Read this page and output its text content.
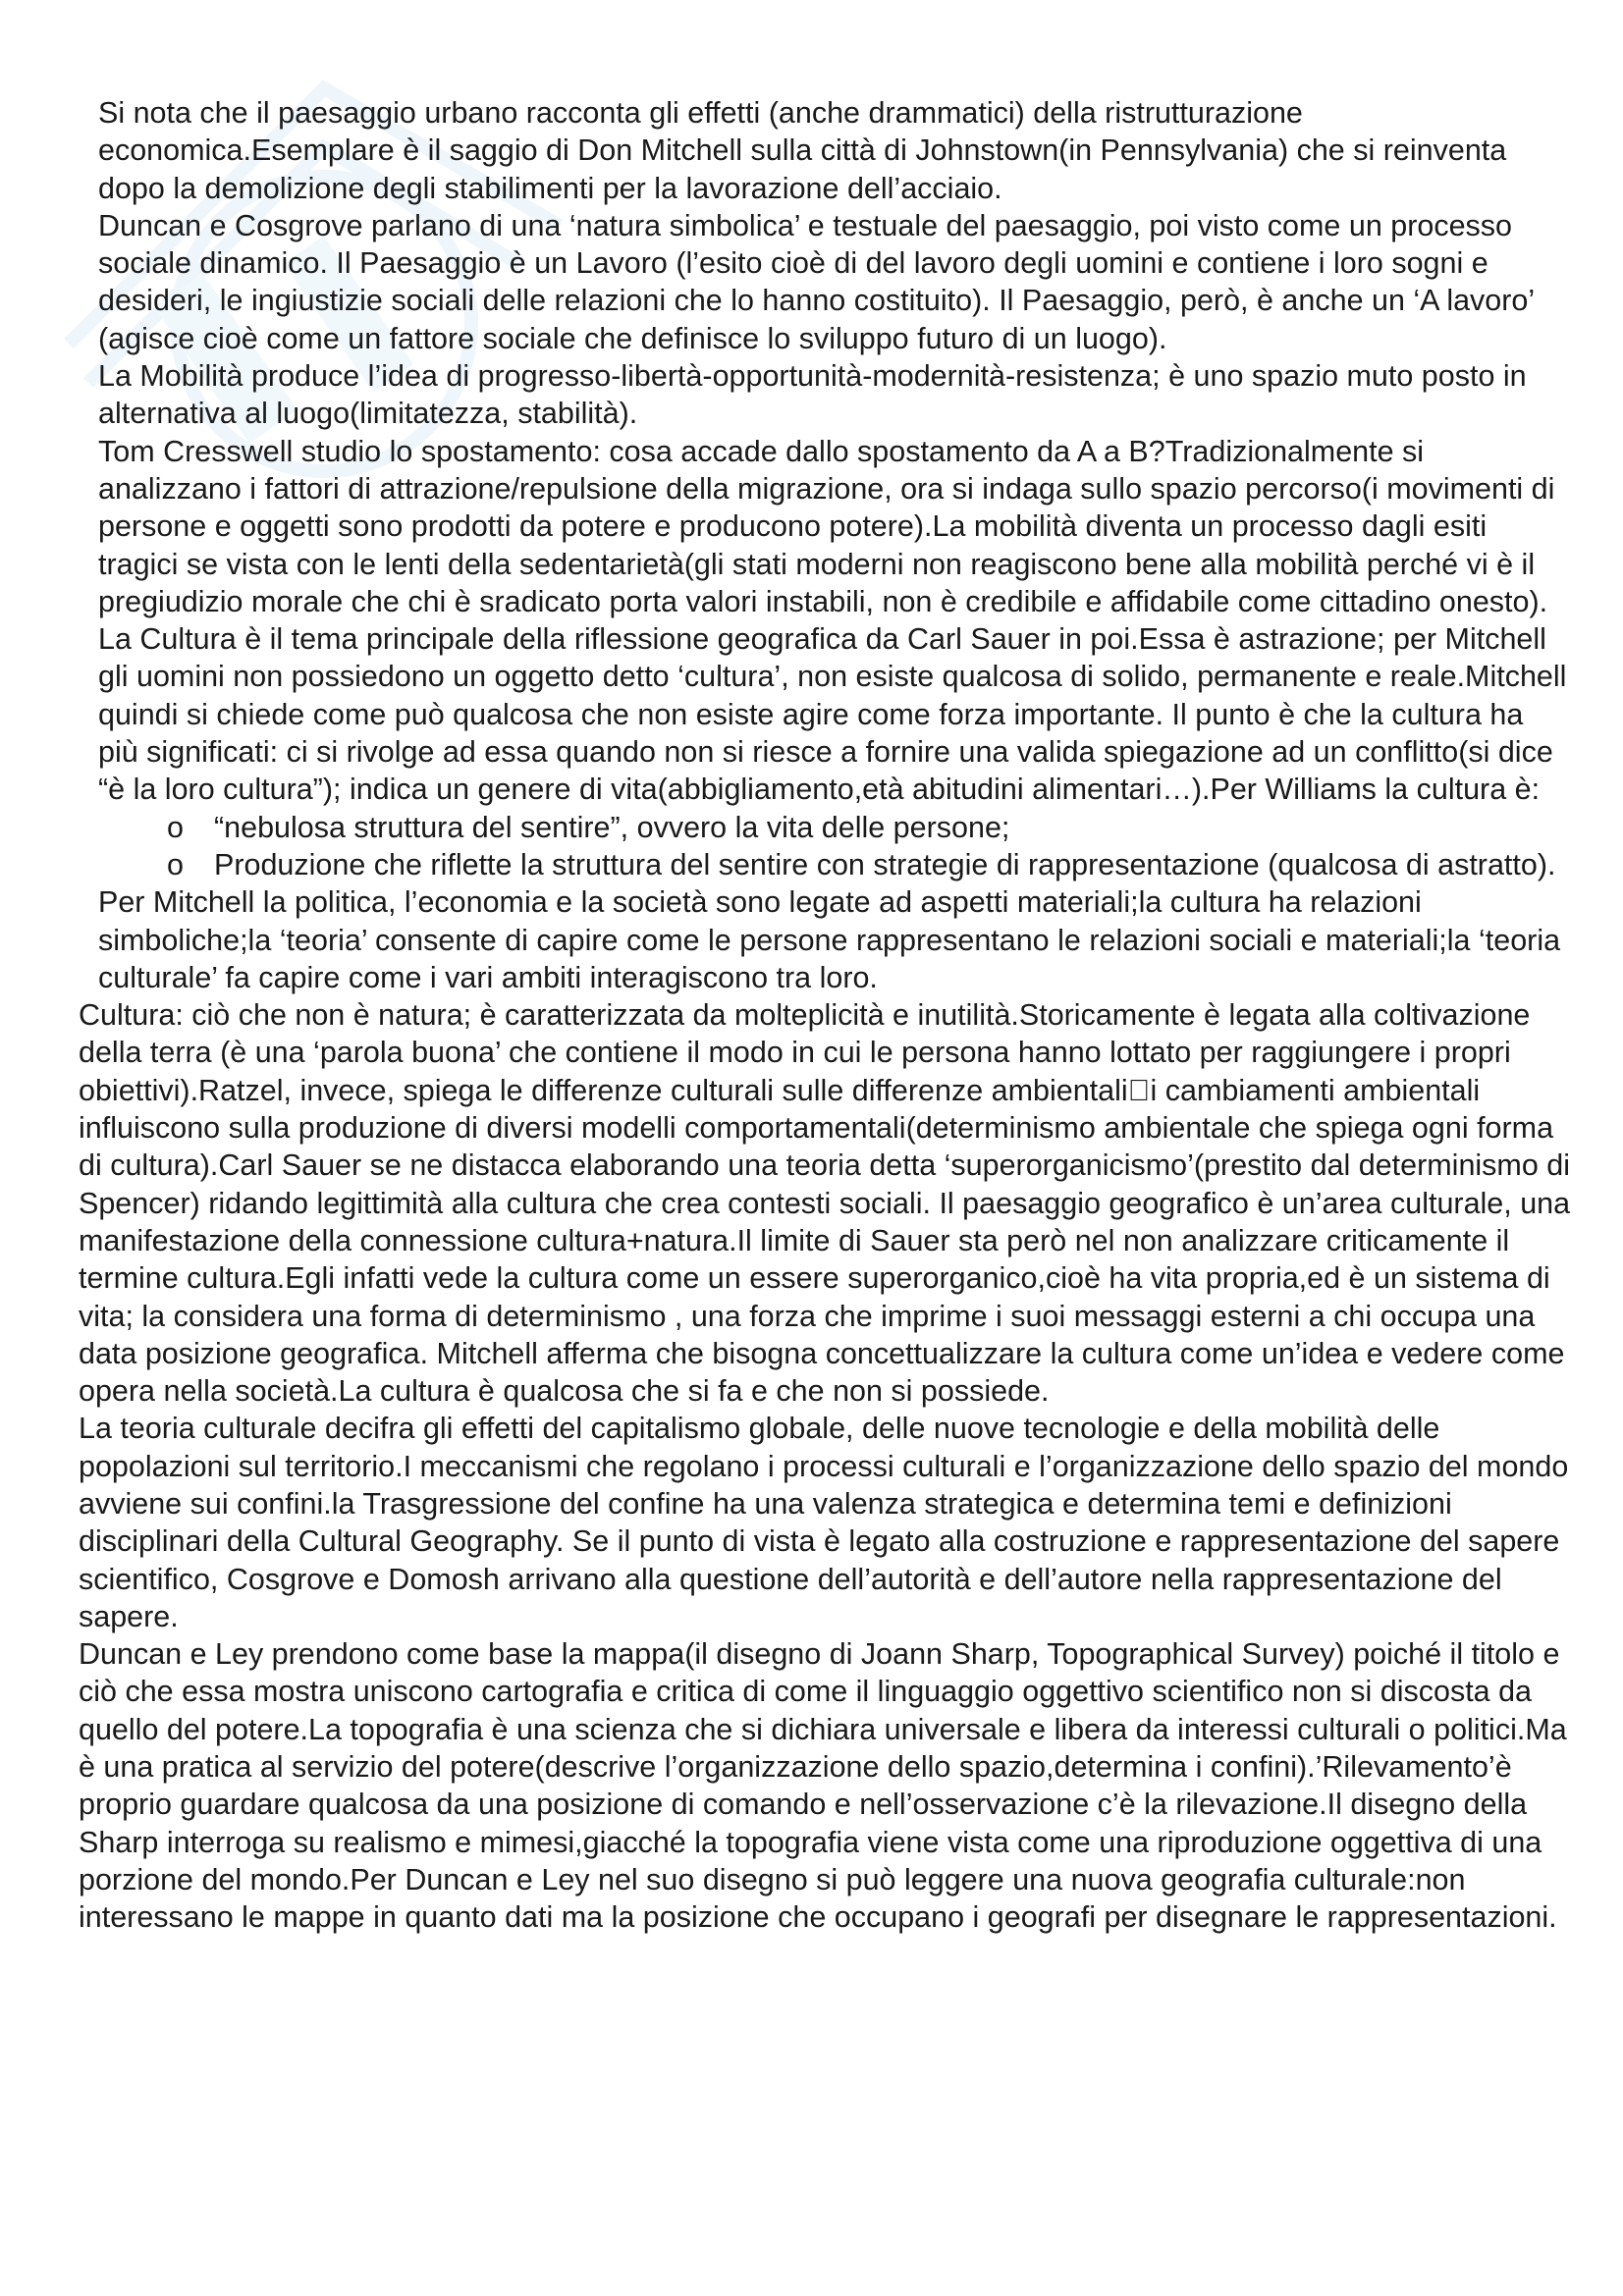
Si nota che il paesaggio urbano racconta gli effetti (anche drammatici) della ristrutturazione economica.Esemplare è il saggio di Don Mitchell sulla città di Johnstown(in Pennsylvania) che si reinventa dopo la demolizione degli stabilimenti per la lavorazione dell’acciaio.

Duncan e Cosgrove parlano di una ‘natura simbolica’ e testuale del paesaggio, poi visto come un processo sociale dinamico. Il Paesaggio è un Lavoro (l’esito cioè di del lavoro degli uomini e contiene i loro sogni e desideri, le ingiustizie sociali delle relazioni che lo hanno costituito). Il Paesaggio, però, è anche un ‘A lavoro’ (agisce cioè come un fattore sociale che definisce lo sviluppo futuro di un luogo).

La Mobilità produce l’idea di progresso-libertà-opportunità-modernità-resistenza; è uno spazio muto posto in alternativa al luogo(limitatezza, stabilità).

Tom Cresswell studio lo spostamento: cosa accade dallo spostamento da A a B?Tradizionalmente si analizzano i fattori di attrazione/repulsione della migrazione, ora si indaga sullo spazio percorso(i movimenti di persone e oggetti sono prodotti da potere e producono potere).La mobilità diventa un processo dagli esiti tragici se vista con le lenti della sedentarietà(gli stati moderni non reagiscono bene alla mobilità perché vi è il pregiudizio morale che chi è sradicato porta valori instabili, non è credibile e affidabile come cittadino onesto).

La Cultura è il tema principale della riflessione geografica da Carl Sauer in poi.Essa è astrazione; per Mitchell gli uomini non possiedono un oggetto detto ‘cultura’, non esiste qualcosa di solido, permanente e reale.Mitchell quindi si chiede come può qualcosa che non esiste agire come forza importante. Il punto è che la cultura ha più significati: ci si rivolge ad essa quando non si riesce a fornire una valida spiegazione ad un conflitto(si dice “è la loro cultura”); indica un genere di vita(abbigliamento,età abitudini alimentari…).Per Williams la cultura è:

o “nebulosa struttura del sentire”, ovvero la vita delle persone;
o Produzione che riflette la struttura del sentire con strategie di rappresentazione (qualcosa di astratto).

Per Mitchell la politica, l’economia e la società sono legate ad aspetti materiali;la cultura ha relazioni simboliche;la ‘teoria’ consente di capire come le persone rappresentano le relazioni sociali e materiali;la ‘teoria culturale’ fa capire come i vari ambiti interagiscono tra loro.

Cultura: ciò che non è natura; è caratterizzata da molteplicità e inutilità.Storicamente è legata alla coltivazione della terra (è una ‘parola buona’ che contiene il modo in cui le persona hanno lottato per raggiungere i propri obiettivi).Ratzel, invece, spiega le differenze culturali sulle differenze ambientali􀃆i cambiamenti ambientali influiscono sulla produzione di diversi modelli comportamentali(determinismo ambientale che spiega ogni forma di cultura).Carl Sauer se ne distacca elaborando una teoria detta ‘superorganicismo’(prestito dal determinismo di Spencer) ridando legittimità alla cultura che crea contesti sociali. Il paesaggio geografico è un’area culturale, una manifestazione della connessione cultura+natura.Il limite di Sauer sta però nel non analizzare criticamente il termine cultura.Egli infatti vede la cultura come un essere superorganico,cioè ha vita propria,ed è un sistema di vita; la considera una forma di determinismo , una forza che imprime i suoi messaggi esterni a chi occupa una data posizione geografica. Mitchell afferma che bisogna concettualizzare la cultura come un’idea e vedere come opera nella società.La cultura è qualcosa che si fa e che non si possiede.

La teoria culturale decifra gli effetti del capitalismo globale, delle nuove tecnologie e della mobilità delle popolazioni sul territorio.I meccanismi che regolano i processi culturali e l’organizzazione dello spazio del mondo avviene sui confini.la Trasgressione del confine ha una valenza strategica e determina temi e definizioni disciplinari della Cultural Geography. Se il punto di vista è legato alla costruzione e rappresentazione del sapere scientifico, Cosgrove e Domosh arrivano alla questione dell’autorità e dell’autore nella rappresentazione del sapere.

Duncan e Ley prendono come base la mappa(il disegno di Joann Sharp, Topographical Survey) poiché il titolo e ciò che essa mostra uniscono cartografia e critica di come il linguaggio oggettivo scientifico non si discosta da quello del potere.La topografia è una scienza che si dichiara universale e libera da interessi culturali o politici.Ma è una pratica al servizio del potere(descrive l’organizzazione dello spazio,determina i confini).’Rilevamento’è proprio guardare qualcosa da una posizione di comando e nell’osservazione c’è la rilevazione.Il disegno della Sharp interroga su realismo e mimesi,giacché la topografia viene vista come una riproduzione oggettiva di una porzione del mondo.Per Duncan e Ley nel suo disegno si può leggere una nuova geografia culturale:non interessano le mappe in quanto dati ma la posizione che occupano i geografi per disegnare le rappresentazioni.
